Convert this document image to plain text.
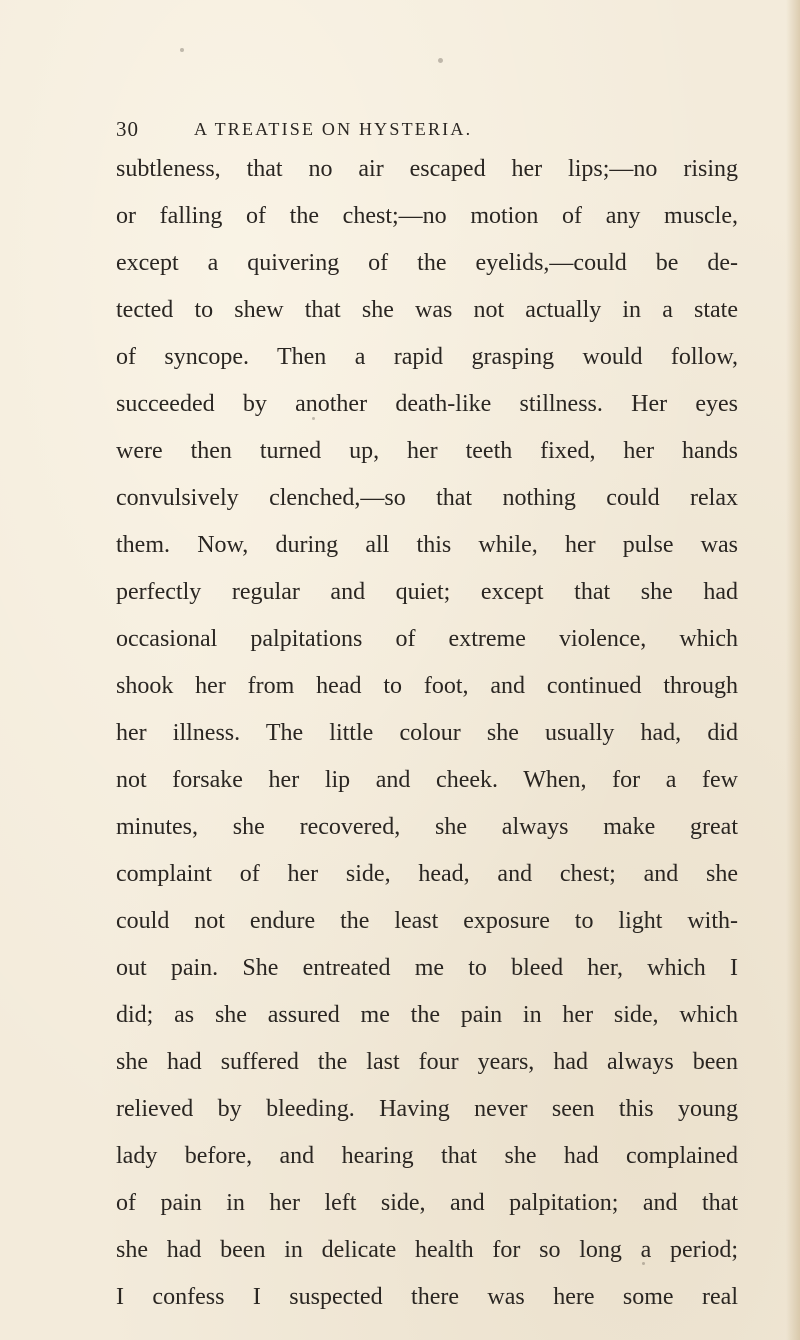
30	A TREATISE ON HYSTERIA.
subtleness, that no air escaped her lips;—no rising
or falling of the chest;—no motion of any muscle,
except a quivering of the eyelids,—could be de-
tected to shew that she was not actually in a state
of syncope. Then a rapid grasping would follow,
succeeded by another death-like stillness. Her eyes
were then turned up, her teeth fixed, her hands
convulsively clenched,—so that nothing could relax
them. Now, during all this while, her pulse was
perfectly regular and quiet; except that she had
occasional palpitations of extreme violence, which
shook her from head to foot, and continued through
her illness. The little colour she usually had, did
not forsake her lip and cheek. When, for a few
minutes, she recovered, she always make great
complaint of her side, head, and chest; and she
could not endure the least exposure to light with-
out pain. She entreated me to bleed her, which I
did; as she assured me the pain in her side, which
she had suffered the last four years, had always been
relieved by bleeding. Having never seen this young
lady before, and hearing that she had complained
of pain in her left side, and palpitation; and that
she had been in delicate health for so long a period;
I confess I suspected there was here some real
